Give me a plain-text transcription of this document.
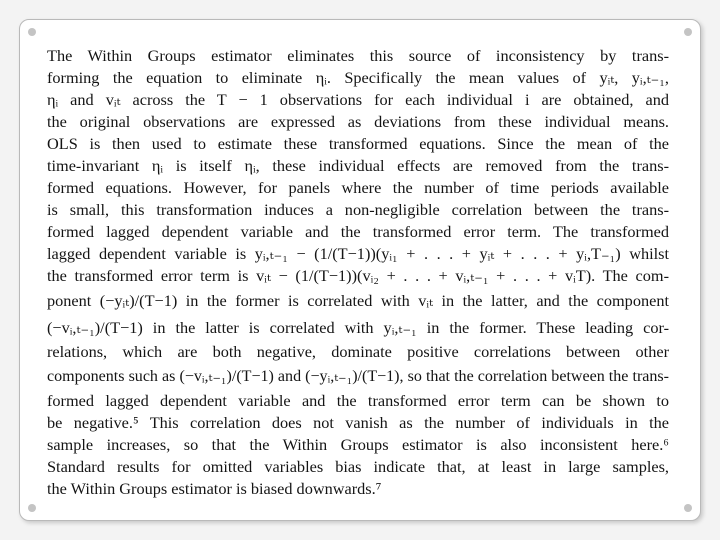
The Within Groups estimator eliminates this source of inconsistency by trans-
forming the equation to eliminate ηᵢ. Specifically the mean values of yᵢₜ, yᵢ,ₜ₋₁,
ηᵢ and vᵢₜ across the T − 1 observations for each individual i are obtained, and
the original observations are expressed as deviations from these individual means.
OLS is then used to estimate these transformed equations. Since the mean of the
time-invariant ηᵢ is itself ηᵢ, these individual effects are removed from the trans-
formed equations. However, for panels where the number of time periods available
is small, this transformation induces a non-negligible correlation between the trans-
formed lagged dependent variable and the transformed error term. The transformed
lagged dependent variable is yᵢ,ₜ₋₁ − (1/(T−1))(yᵢ₁ + . . . + yᵢₜ + . . . + yᵢ,T₋₁) whilst
the transformed error term is vᵢₜ − (1/(T−1))(vᵢ₂ + . . . + vᵢ,ₜ₋₁ + . . . + vᵢT). The com-
ponent (−yᵢₜ)/(T−1) in the former is correlated with vᵢₜ in the latter, and the component
(−vᵢ,ₜ₋₁)/(T−1) in the latter is correlated with yᵢ,ₜ₋₁ in the former. These leading cor-
relations, which are both negative, dominate positive correlations between other
components such as (−vᵢ,ₜ₋₁)/(T−1) and (−yᵢ,ₜ₋₁)/(T−1), so that the correlation between the trans-
formed lagged dependent variable and the transformed error term can be shown to
be negative.⁵ This correlation does not vanish as the number of individuals in the
sample increases, so that the Within Groups estimator is also inconsistent here.⁶
Standard results for omitted variables bias indicate that, at least in large samples,
the Within Groups estimator is biased downwards.⁷
